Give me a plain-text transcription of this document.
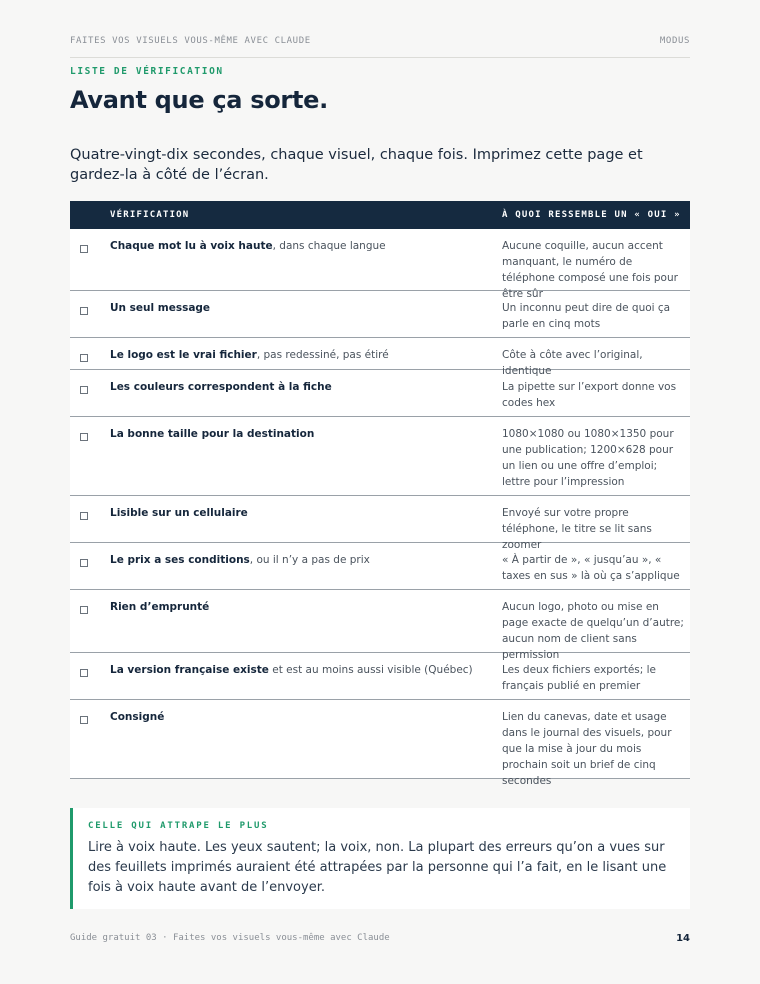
FAITES VOS VISUELS VOUS-MÊME AVEC CLAUDE	MODUS
LISTE DE VÉRIFICATION
Avant que ça sorte.

Quatre-vingt-dix secondes, chaque visuel, chaque fois. Imprimez cette page et gardez-la à côté de l’écran.

VÉRIFICATION	À QUOI RESSEMBLE UN « OUI »
Chaque mot lu à voix haute, dans chaque langue	Aucune coquille, aucun accent manquant, le numéro de téléphone composé une fois pour être sûr
Un seul message	Un inconnu peut dire de quoi ça parle en cinq mots
Le logo est le vrai fichier, pas redessiné, pas étiré	Côte à côte avec l’original, identique
Les couleurs correspondent à la fiche	La pipette sur l’export donne vos codes hex
La bonne taille pour la destination	1080×1080 ou 1080×1350 pour une publication; 1200×628 pour un lien ou une offre d’emploi; lettre pour l’impression
Lisible sur un cellulaire	Envoyé sur votre propre téléphone, le titre se lit sans zoomer
Le prix a ses conditions, ou il n’y a pas de prix	« À partir de », « jusqu’au », « taxes en sus » là où ça s’applique
Rien d’emprunté	Aucun logo, photo ou mise en page exacte de quelqu’un d’autre; aucun nom de client sans permission
La version française existe et est au moins aussi visible (Québec)	Les deux fichiers exportés; le français publié en premier
Consigné	Lien du canevas, date et usage dans le journal des visuels, pour que la mise à jour du mois prochain soit un brief de cinq secondes
CELLE QUI ATTRAPE LE PLUS
Lire à voix haute. Les yeux sautent; la voix, non. La plupart des erreurs qu’on a vues sur des feuillets imprimés auraient été attrapées par la personne qui l’a fait, en le lisant une fois à voix haute avant de l’envoyer.
Guide gratuit 03 · Faites vos visuels vous-même avec Claude	14
